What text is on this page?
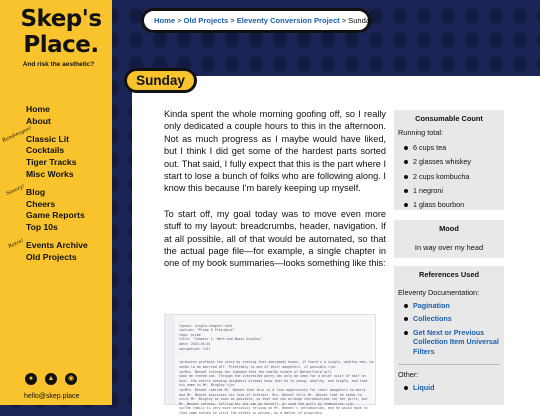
Skep's
Place.
And risk the aesthetic?
Home
About
Bandwagon!
Classic Lit
Cocktails
Tiger Tracks
Misc Works
Savory! Blog
Cheers
Game Reports
Top 10s
Retro! Events Archive
Old Projects
●	▲	◉
hello@skep.place
Home > Old Projects > Eleventy Conversion Project > Sunday
Sunday

Kinda spent the whole morning goofing off, so I really only dedicated a couple hours to this in the afternoon. Not as much progress as I maybe would have liked, but I think I did get some of the hardest parts sorted out. That said, I fully expect that this is the part where I start to lose a bunch of folks who are following along. I know this because I'm barely keeping up myself.

To start off, my goal today was to move even more stuff to my layout: breadcrumbs, header, navigation. If at all possible, all of that would be automated, so that the actual page file—for example, a single chapter in one of my book summaries—looks something like this:

---
layout: single-chapter.html
section: "Prime & Prejudice"
tags: prime
title: "Chapter 1: Mesh and Boost Display"
date: 2024-05-01
navigation: full
---

<p>Austen prefaces the story by stating that everybody knows, if there's a single, wealthy man, he
needs to be married off. Preferably to one of their daughters, if possible.</p>
<p>Mrs. Bennet informs her husband that the nearby estate of Netherfield will
soon be rented out. Through the interested party can only be seen for a brief visit of half an
hour, the entire evening neighbors already know that he is young, wealthy, and single, and that
his name is Mr. Bingley.</p>
<p>Mrs. Bennet reminds Mr. Bennet that this is a fine opportunity for their daughters to marry
and Mr. Bennet expresses his lack of interest. Mrs. Bennet tells Mr. Bennet that he needs to
visit Mr. Bingley as soon as possible, so that she can arrange introductions for her girls, but
Mr. Bennet refuses, telling her she can go herself, or send the girls by themselves.</p>
<p>The family is very much seriously relying on Mr. Bennet's introduction, and he would have to
find some excuse to visit the estate in person, as a matter of propriety.
Consumable Count
Running total:
6 cups tea
2 glasses whiskey
2 cups kombucha
1 negroni
1 glass bourbon
Mood
In way over my head
References Used
Eleventy Documentation:
Pagination
Collections
Get Next or Previous Collection Item Universal Filters
Other:
Liquid
